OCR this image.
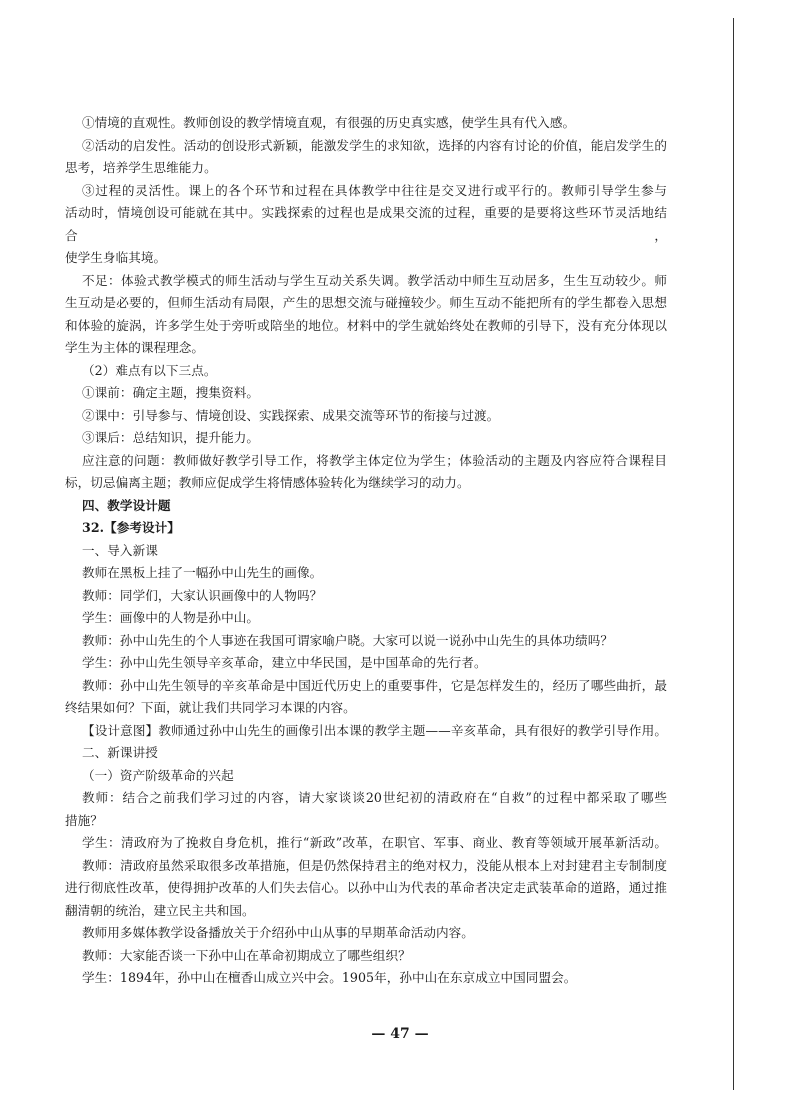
①情境的直观性。教师创设的教学情境直观，有很强的历史真实感，使学生具有代入感。
②活动的启发性。活动的创设形式新颖，能激发学生的求知欲，选择的内容有讨论的价值，能启发学生的
思考，培养学生思维能力。
③过程的灵活性。课上的各个环节和过程在具体教学中往往是交叉进行或平行的。教师引导学生参与
活动时，情境创设可能就在其中。实践探索的过程也是成果交流的过程，重要的是要将这些环节灵活地结合，
使学生身临其境。
不足：体验式教学模式的师生活动与学生互动关系失调。教学活动中师生互动居多，生生互动较少。师
生互动是必要的，但师生活动有局限，产生的思想交流与碰撞较少。师生互动不能把所有的学生都卷入思想
和体验的旋涡，许多学生处于旁听或陪坐的地位。材料中的学生就始终处在教师的引导下，没有充分体现以
学生为主体的课程理念。
（2）难点有以下三点。
①课前：确定主题，搜集资料。
②课中：引导参与、情境创设、实践探索、成果交流等环节的衔接与过渡。
③课后：总结知识，提升能力。
应注意的问题：教师做好教学引导工作，将教学主体定位为学生；体验活动的主题及内容应符合课程目
标，切忌偏离主题；教师应促成学生将情感体验转化为继续学习的动力。
四、教学设计题
32.【参考设计】
一、导入新课
教师在黑板上挂了一幅孙中山先生的画像。
教师：同学们，大家认识画像中的人物吗？
学生：画像中的人物是孙中山。
教师：孙中山先生的个人事迹在我国可谓家喻户晓。大家可以说一说孙中山先生的具体功绩吗？
学生：孙中山先生领导辛亥革命，建立中华民国，是中国革命的先行者。
教师：孙中山先生领导的辛亥革命是中国近代历史上的重要事件，它是怎样发生的，经历了哪些曲折，最
终结果如何？下面，就让我们共同学习本课的内容。
【设计意图】教师通过孙中山先生的画像引出本课的教学主题——辛亥革命，具有很好的教学引导作用。
二、新课讲授
（一）资产阶级革命的兴起
教师：结合之前我们学习过的内容，请大家谈谈20世纪初的清政府在“自救”的过程中都采取了哪些
措施？
学生：清政府为了挽救自身危机，推行“新政”改革，在职官、军事、商业、教育等领域开展革新活动。
教师：清政府虽然采取很多改革措施，但是仍然保持君主的绝对权力，没能从根本上对封建君主专制制度
进行彻底性改革，使得拥护改革的人们失去信心。以孙中山为代表的革命者决定走武装革命的道路，通过推
翻清朝的统治，建立民主共和国。
教师用多媒体教学设备播放关于介绍孙中山从事的早期革命活动内容。
教师：大家能否谈一下孙中山在革命初期成立了哪些组织？
学生：1894年，孙中山在檀香山成立兴中会。1905年，孙中山在东京成立中国同盟会。
— 47 —
